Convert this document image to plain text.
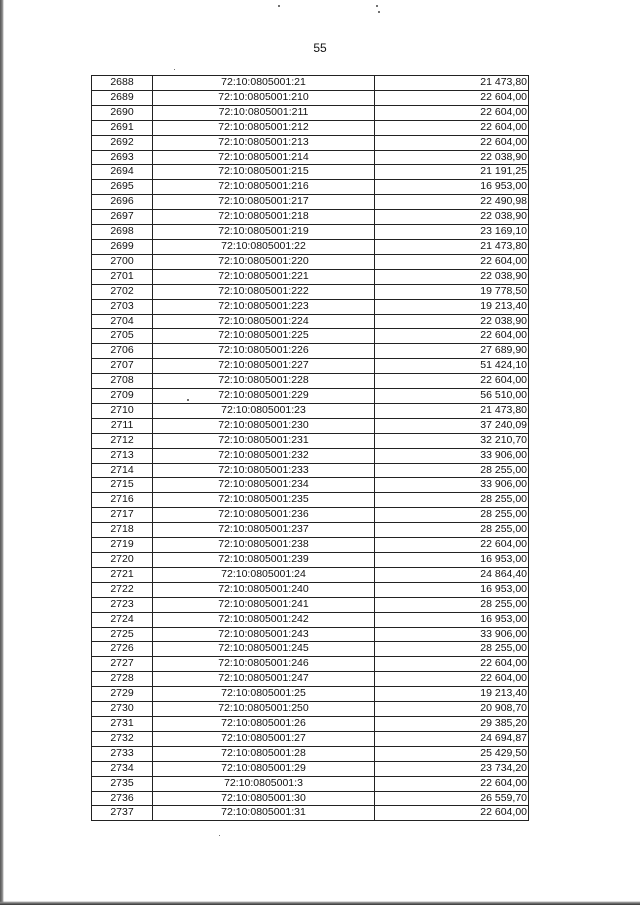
55
2688	72:10:0805001:21	21 473,80
2689	72:10:0805001:210	22 604,00
2690	72:10:0805001:211	22 604,00
2691	72:10:0805001:212	22 604,00
2692	72:10:0805001:213	22 604,00
2693	72:10:0805001:214	22 038,90
2694	72:10:0805001:215	21 191,25
2695	72:10:0805001:216	16 953,00
2696	72:10:0805001:217	22 490,98
2697	72:10:0805001:218	22 038,90
2698	72:10:0805001:219	23 169,10
2699	72:10:0805001:22	21 473,80
2700	72:10:0805001:220	22 604,00
2701	72:10:0805001:221	22 038,90
2702	72:10:0805001:222	19 778,50
2703	72:10:0805001:223	19 213,40
2704	72:10:0805001:224	22 038,90
2705	72:10:0805001:225	22 604,00
2706	72:10:0805001:226	27 689,90
2707	72:10:0805001:227	51 424,10
2708	72:10:0805001:228	22 604,00
2709	72:10:0805001:229	56 510,00
2710	72:10:0805001:23	21 473,80
2711	72:10:0805001:230	37 240,09
2712	72:10:0805001:231	32 210,70
2713	72:10:0805001:232	33 906,00
2714	72:10:0805001:233	28 255,00
2715	72:10:0805001:234	33 906,00
2716	72:10:0805001:235	28 255,00
2717	72:10:0805001:236	28 255,00
2718	72:10:0805001:237	28 255,00
2719	72:10:0805001:238	22 604,00
2720	72:10:0805001:239	16 953,00
2721	72:10:0805001:24	24 864,40
2722	72:10:0805001:240	16 953,00
2723	72:10:0805001:241	28 255,00
2724	72:10:0805001:242	16 953,00
2725	72:10:0805001:243	33 906,00
2726	72:10:0805001:245	28 255,00
2727	72:10:0805001:246	22 604,00
2728	72:10:0805001:247	22 604,00
2729	72:10:0805001:25	19 213,40
2730	72:10:0805001:250	20 908,70
2731	72:10:0805001:26	29 385,20
2732	72:10:0805001:27	24 694,87
2733	72:10:0805001:28	25 429,50
2734	72:10:0805001:29	23 734,20
2735	72:10:0805001:3	22 604,00
2736	72:10:0805001:30	26 559,70
2737	72:10:0805001:31	22 604,00
